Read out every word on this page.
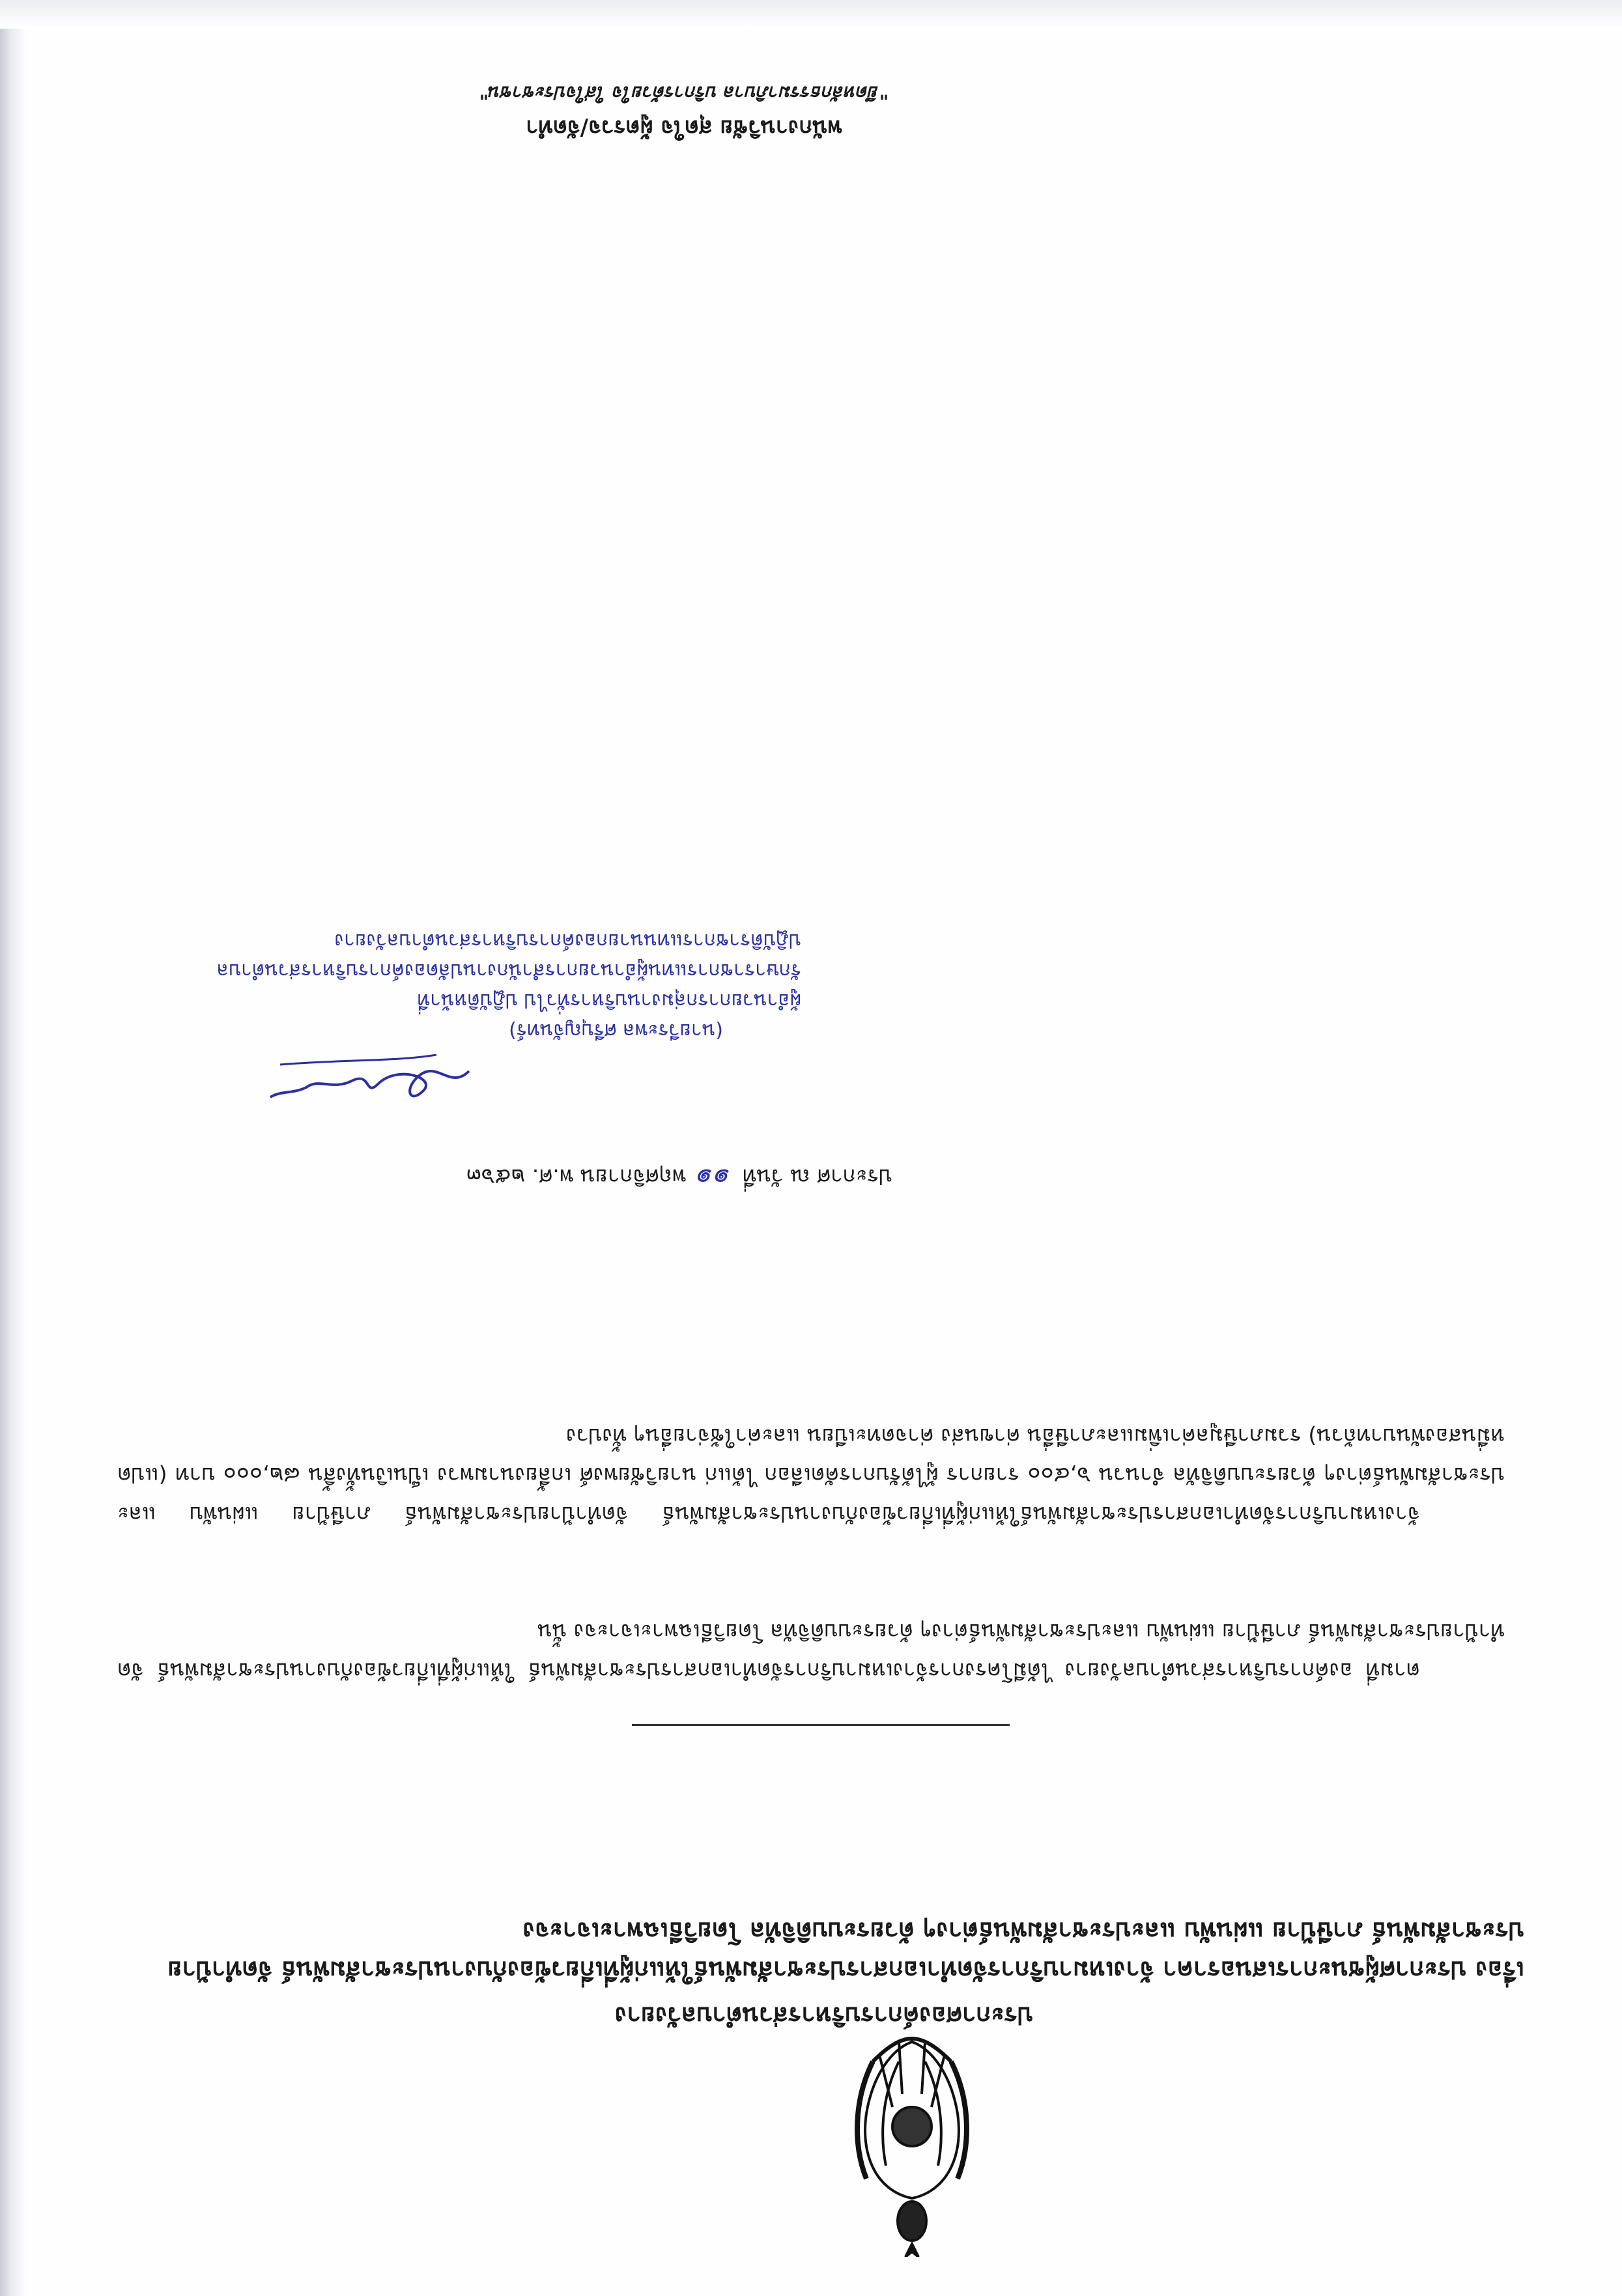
ประกาศองค์การบริหารส่วนตำบลวังยาง
เรื่องประกาศผู้ชนะการเสนอราคา จ้างเหมาบริการจัดทำเอกสารประชาสัมพันธ์ให้แก่ผู้ที่เกี่ยวข้องกับงานประชาสัมพันธ์ จัดทำป้ายประชาสัมพันธ์ ภาษีป้าย แผ่นพับ และประชาสัมพันธ์ต่างๆ ด้วยระบบดิจิทัล โดยวิธีเฉพาะเจาะจง
ตามที่ องค์การบริหารส่วนตำบลวังยาง ได้มีโครงการจ้างเหมาบริการจัดทำเอกสารประชาสัมพันธ์ ให้แก่ผู้ที่เกี่ยวข้องกับงานประชาสัมพันธ์ จัดทำป้ายประชาสัมพันธ์ ภาษีป้าย แผ่นพับ และประชาสัมพันธ์ต่างๆ ด้วยระบบดิจิทัล โดยวิธีเฉพาะเจาะจง นั้น
จ้างเหมาบริการจัดทำเอกสารประชาสัมพันธ์ให้แก่ผู้ที่เกี่ยวข้องกับงานประชาสัมพันธ์ จัดทำป้ายประชาสัมพันธ์ ภาษีป้าย แผ่นพับ และประชาสัมพันธ์ต่างๆ ด้วยระบบดิจิทัล จำนวน ๖,๔๐๐ รายการ ผู้ได้รับการคัดเลือก ได้แก่ นายวิชัยพงศ์ เกลี้ยงนามพวง เป็นเงินทั้งสิ้น ๘๒,๐๐๐ บาท (แปดหมื่นสองพันบาทถ้วน) รวมภาษีมูลค่าเพิ่มและภาษีอื่น ค่าขนส่ง ค่าจดทะเบียน และค่าใช้จ่ายอื่นๆ ทั้งปวง
ประกาศ ณ วันที่ ๑๑ พฤศจิกายน พ.ศ. ๒๕๖๓
(นายวีระพล ศรีบุญจันทร์)
ผู้อำนวยการกลุ่มงานบริหารทั่วไป ปฏิบัติหน้าที่
รักษาราชการแทนผู้อำนวยการสำนักงานปลัดองค์การบริหารส่วนตำบล
ปฏิบัติราชการแทนนายกองค์การบริหารส่วนตำบลวังยาง
พนักงานวิชัย สุดใจ ผู้ตรวจ/จัดทำ
"ยึดหลักธรรมาภิบาล บริการด้วยใจ ใส่ใจประชาชน"
